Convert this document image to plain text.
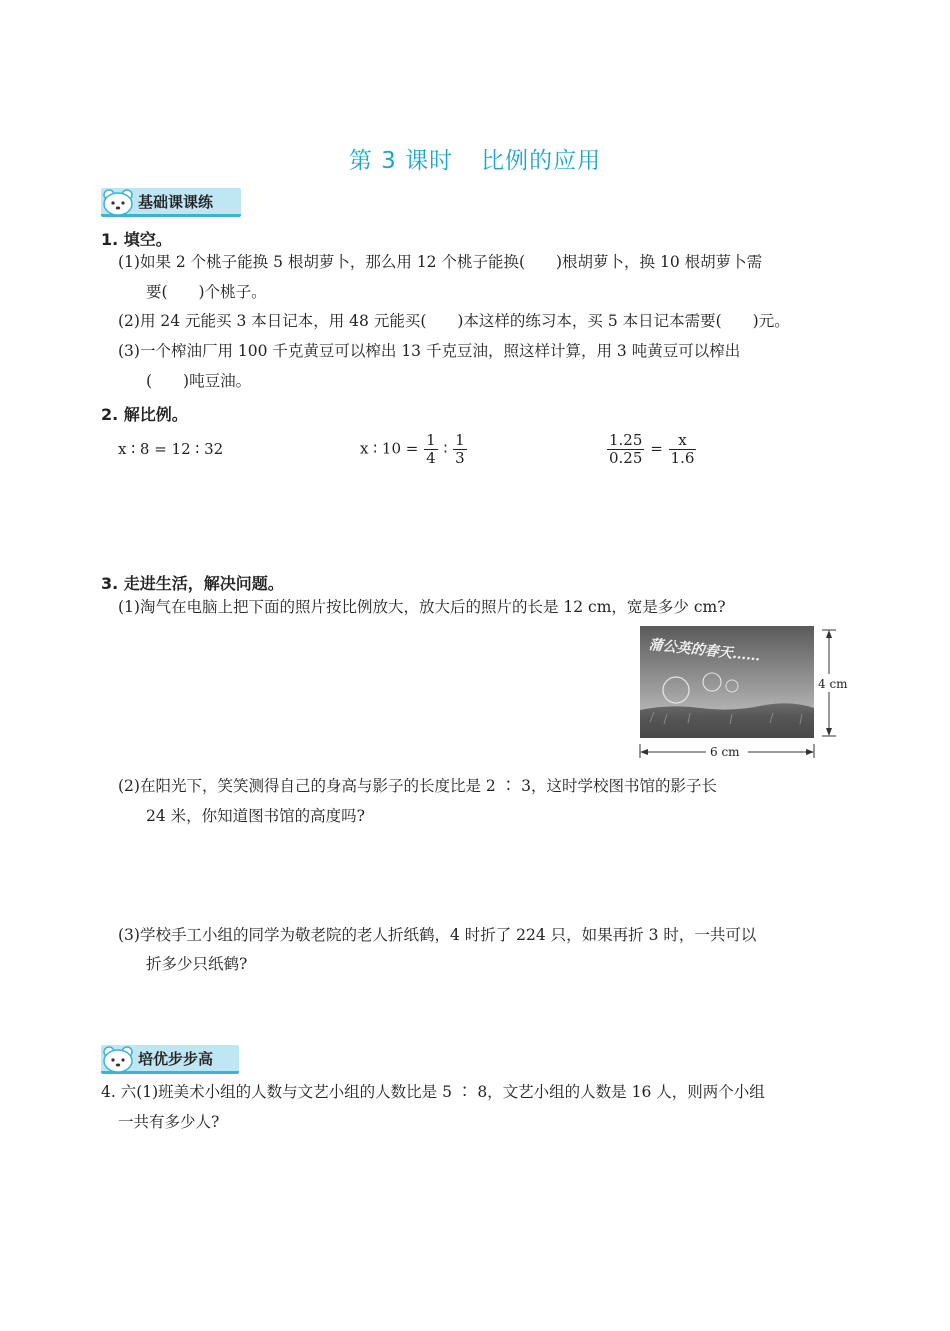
第 3 课时 比例的应用
基础课课练
1. 填空。
(1)如果 2 个桃子能换 5 根胡萝卜，那么用 12 个桃子能换(　　)根胡萝卜，换 10 根胡萝卜需
要(　　)个桃子。
(2)用 24 元能买 3 本日记本，用 48 元能买(　　)本这样的练习本，买 5 本日记本需要(　　)元。
(3)一个榨油厂用 100 千克黄豆可以榨出 13 千克豆油，照这样计算，用 3 吨黄豆可以榨出
(　　)吨豆油。
2. 解比例。
x ∶ 8 = 12 ∶ 32	x ∶ $10 = \frac{1}{4}$ ∶ $\frac{1}{3}$	$\frac{1.25}{0.25} = \frac{x}{1.6}$
3. 走进生活，解决问题。
(1)淘气在电脑上把下面的照片按比例放大，放大后的照片的长是 12 cm，宽是多少 cm?
蒲公英的春天……
4 cm
6 cm
(2)在阳光下，笑笑测得自己的身高与影子的长度比是 2 ∶ 3，这时学校图书馆的影子长
24 米，你知道图书馆的高度吗?
(3)学校手工小组的同学为敬老院的老人折纸鹤，4 时折了 224 只，如果再折 3 时，一共可以
折多少只纸鹤?
培优步步高
4. 六(1)班美术小组的人数与文艺小组的人数比是 5 ∶ 8，文艺小组的人数是 16 人，则两个小组
一共有多少人?
